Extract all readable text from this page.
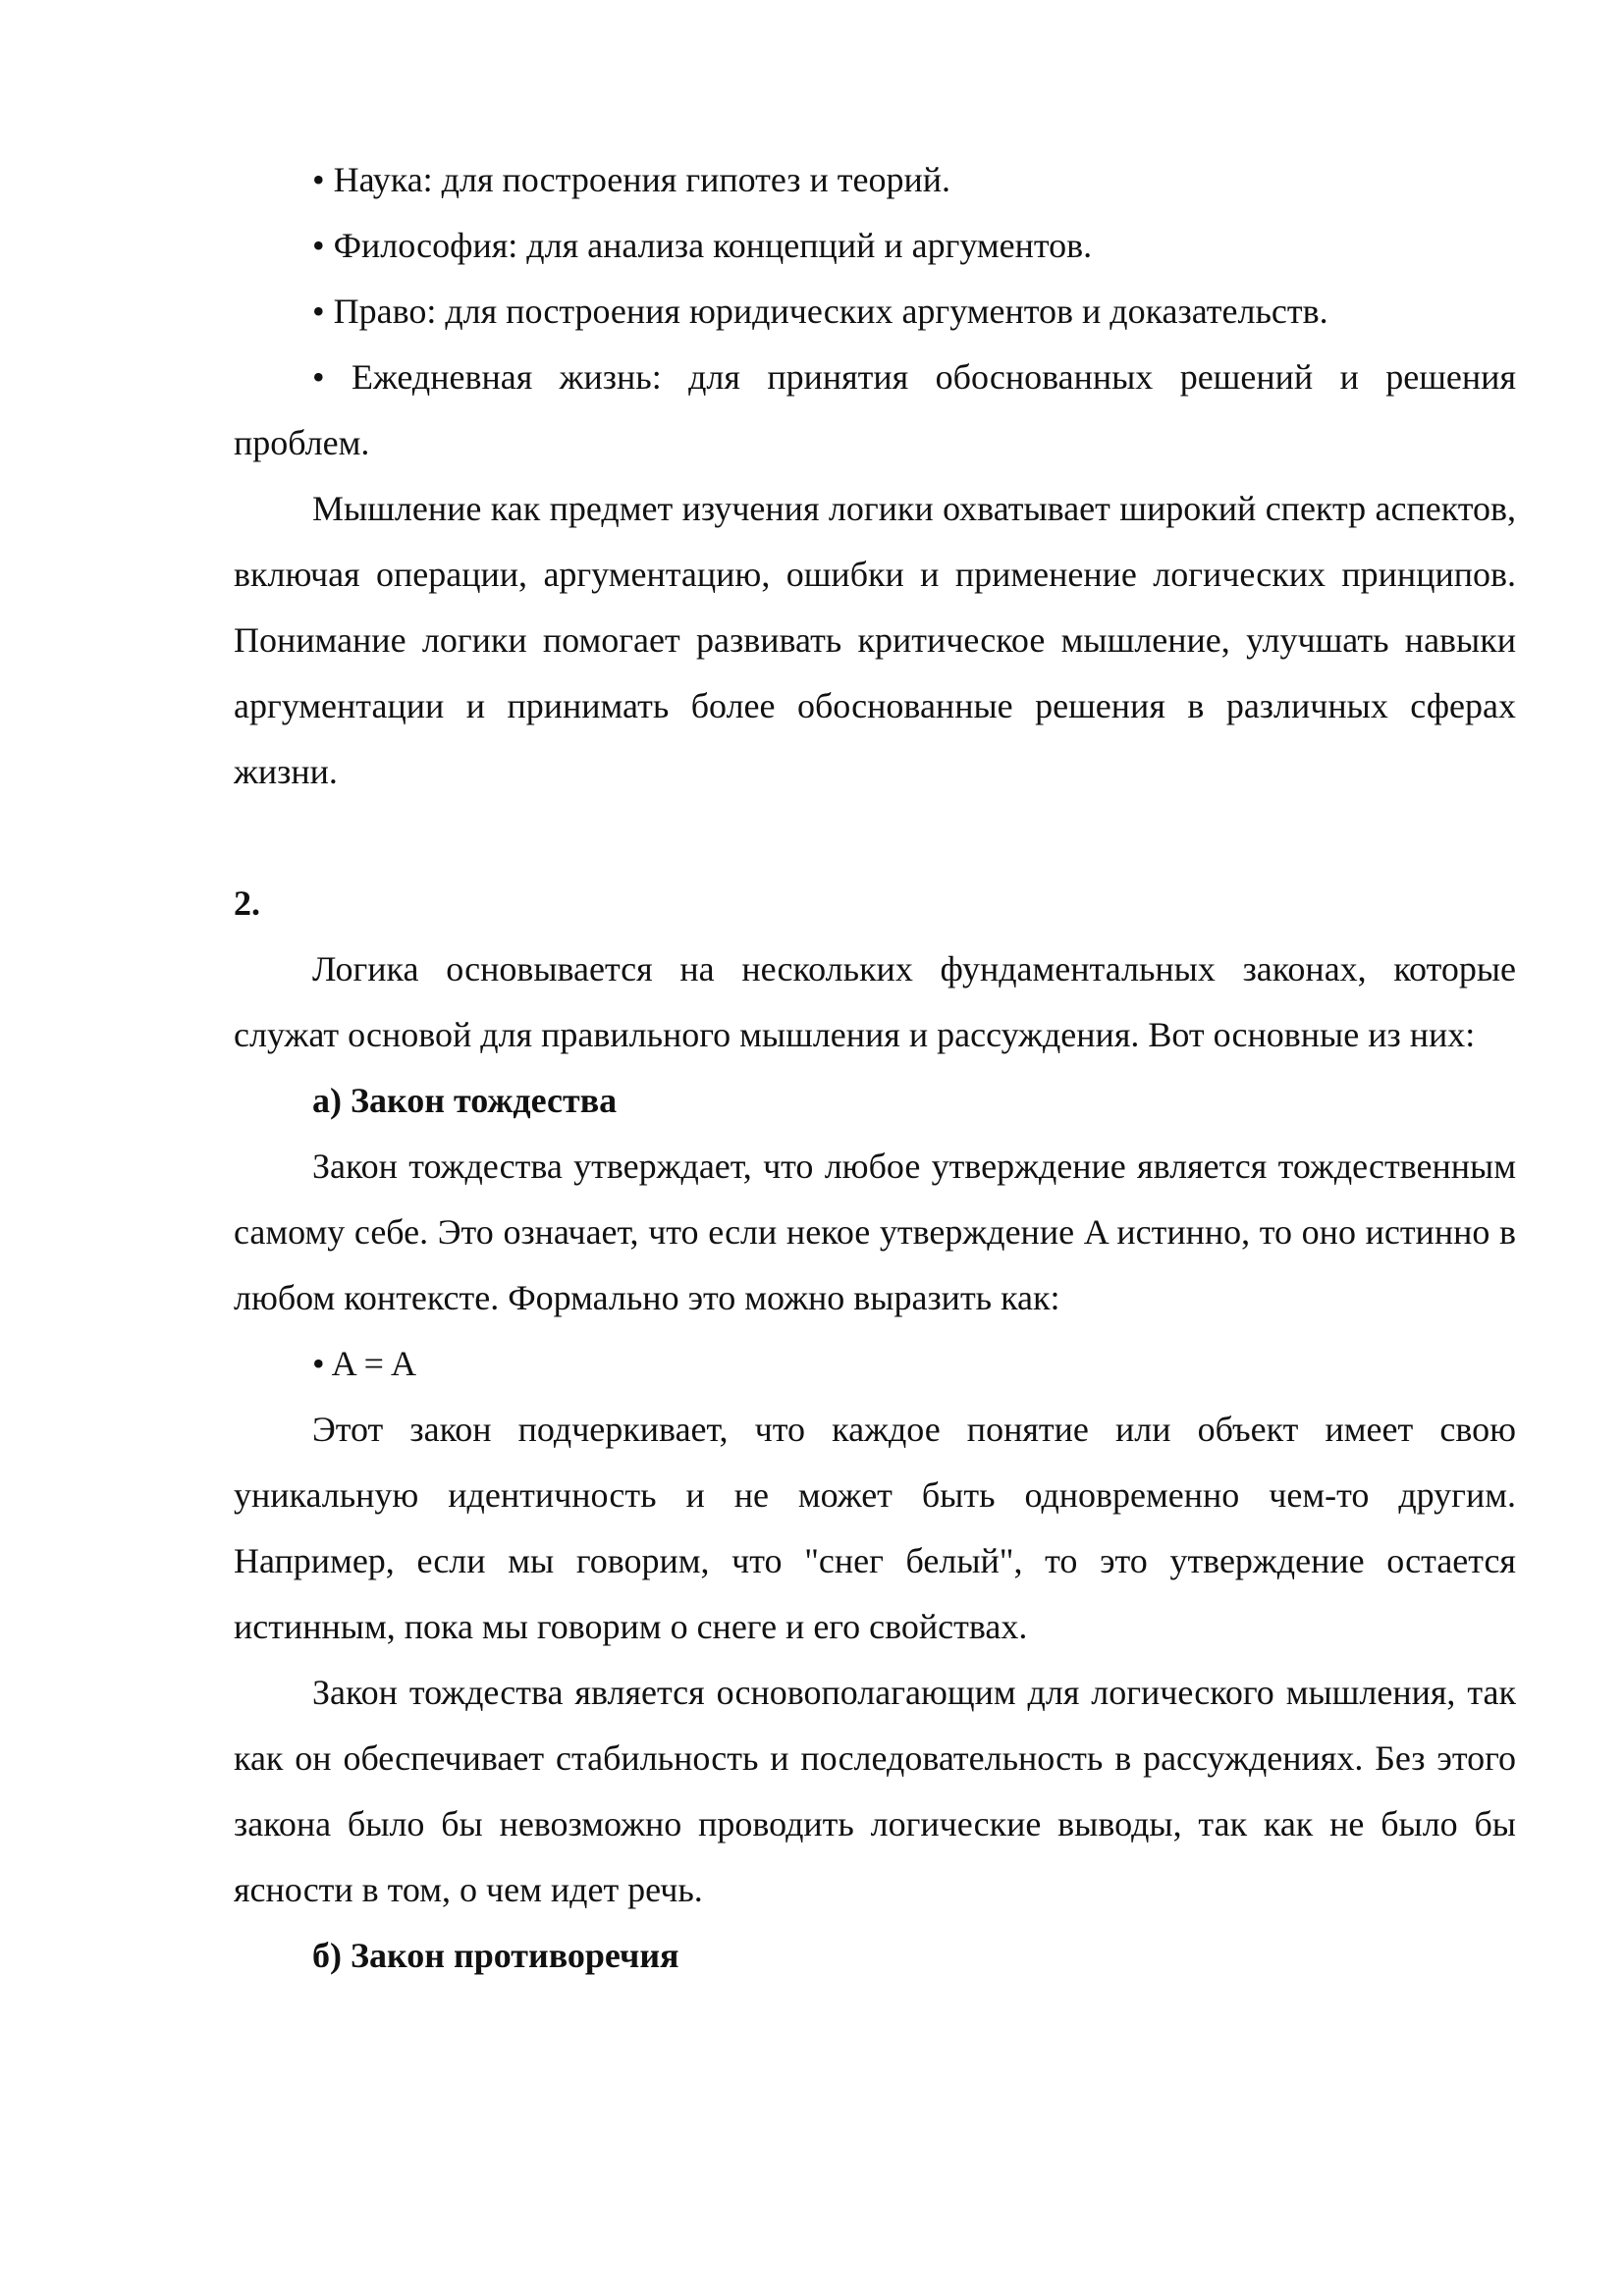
• Наука: для построения гипотез и теорий.

• Философия: для анализа концепций и аргументов.

• Право: для построения юридических аргументов и доказательств.

• Ежедневная жизнь: для принятия обоснованных решений и решения проблем.

Мышление как предмет изучения логики охватывает широкий спектр аспектов, включая операции, аргументацию, ошибки и применение логических принципов. Понимание логики помогает развивать критическое мышление, улучшать навыки аргументации и принимать более обоснованные решения в различных сферах жизни.

2.

Логика основывается на нескольких фундаментальных законах, которые служат основой для правильного мышления и рассуждения. Вот основные из них:

а) Закон тождества

Закон тождества утверждает, что любое утверждение является тождественным самому себе. Это означает, что если некое утверждение A истинно, то оно истинно в любом контексте. Формально это можно выразить как:

• A = A

Этот закон подчеркивает, что каждое понятие или объект имеет свою уникальную идентичность и не может быть одновременно чем-то другим. Например, если мы говорим, что "снег белый", то это утверждение остается истинным, пока мы говорим о снеге и его свойствах.

Закон тождества является основополагающим для логического мышления, так как он обеспечивает стабильность и последовательность в рассуждениях. Без этого закона было бы невозможно проводить логические выводы, так как не было бы ясности в том, о чем идет речь.

б) Закон противоречия
